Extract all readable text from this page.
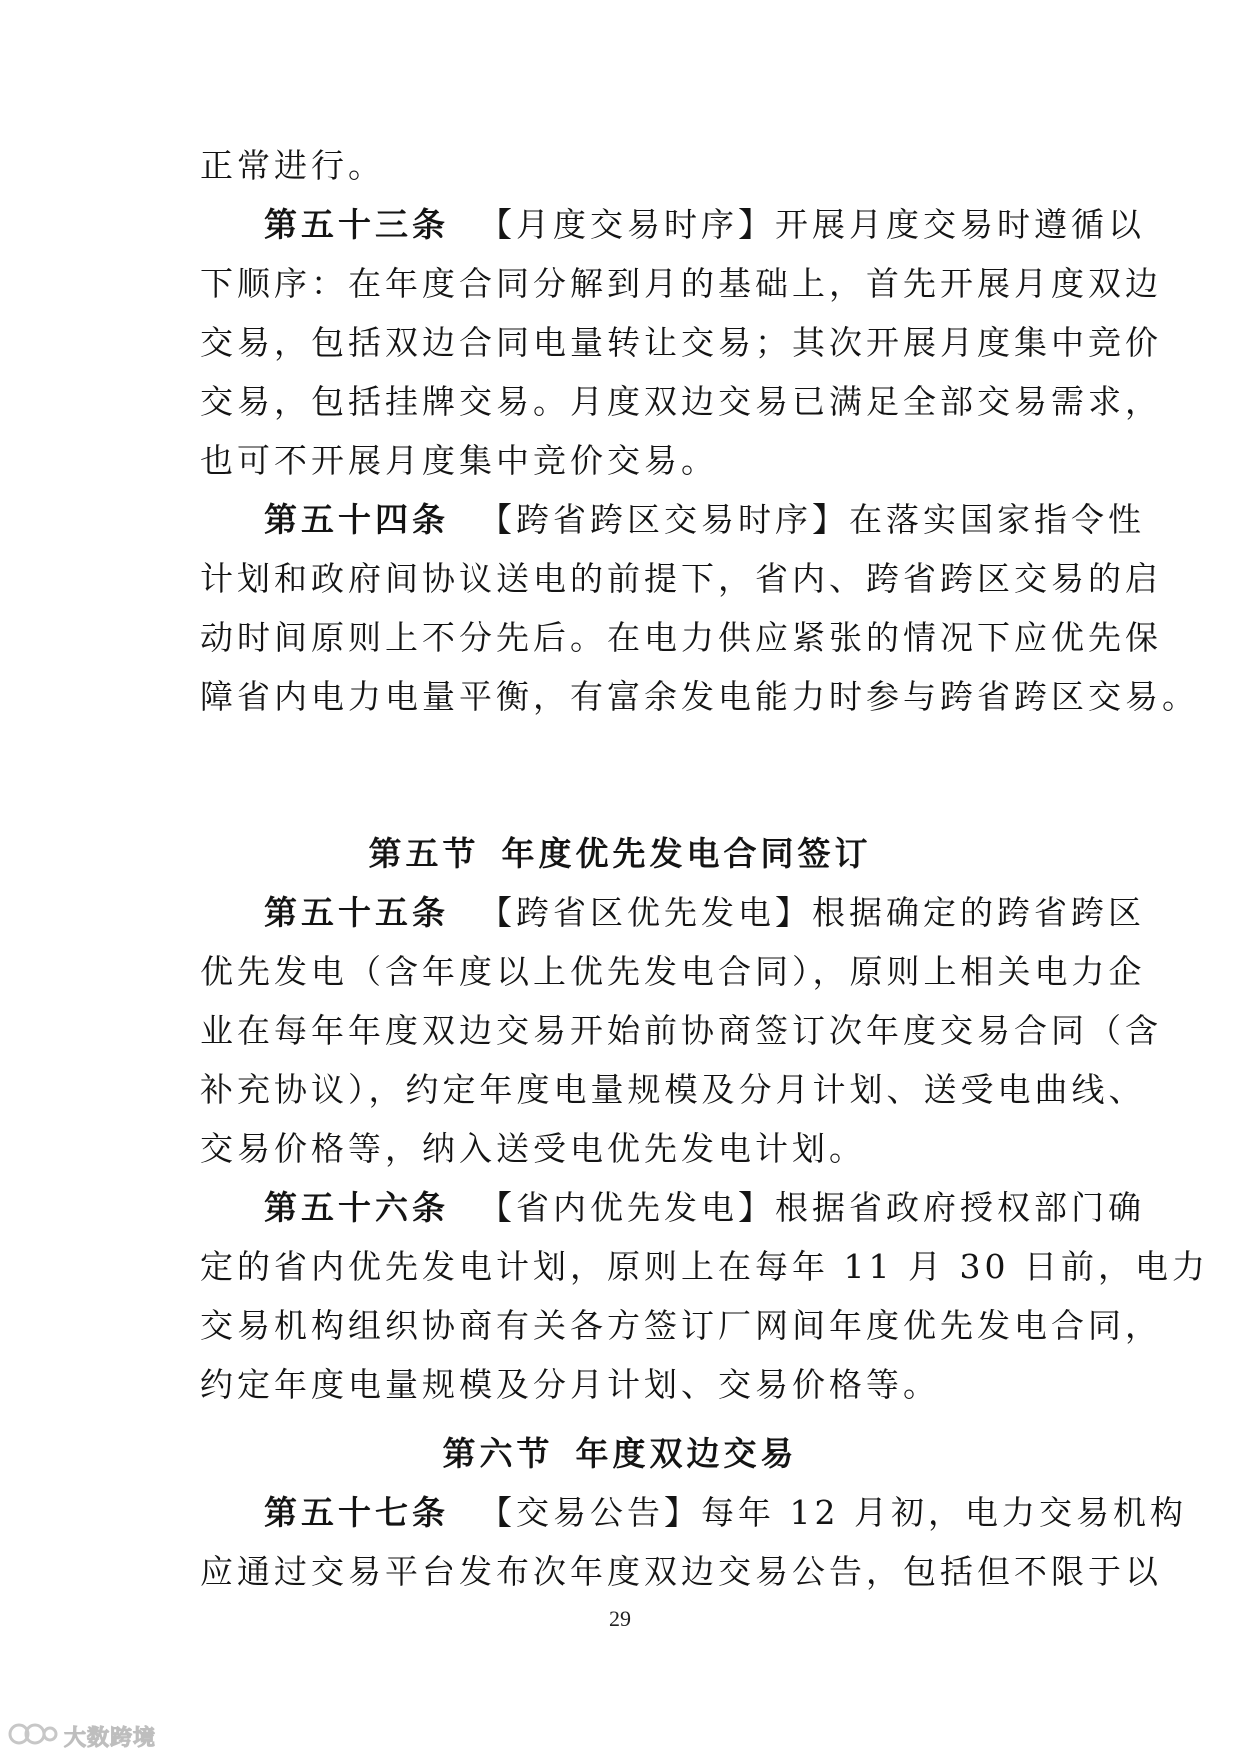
正常进行。
第五十三条 【月度交易时序】开展月度交易时遵循以
下顺序：在年度合同分解到月的基础上，首先开展月度双边
交易，包括双边合同电量转让交易；其次开展月度集中竞价
交易，包括挂牌交易。月度双边交易已满足全部交易需求，
也可不开展月度集中竞价交易。
第五十四条 【跨省跨区交易时序】在落实国家指令性
计划和政府间协议送电的前提下，省内、跨省跨区交易的启
动时间原则上不分先后。在电力供应紧张的情况下应优先保
障省内电力电量平衡，有富余发电能力时参与跨省跨区交易。
第五节 年度优先发电合同签订
第五十五条 【跨省区优先发电】根据确定的跨省跨区
优先发电（含年度以上优先发电合同），原则上相关电力企
业在每年年度双边交易开始前协商签订次年度交易合同（含
补充协议），约定年度电量规模及分月计划、送受电曲线、
交易价格等，纳入送受电优先发电计划。
第五十六条 【省内优先发电】根据省政府授权部门确
定的省内优先发电计划，原则上在每年 11 月 30 日前，电力
交易机构组织协商有关各方签订厂网间年度优先发电合同，
约定年度电量规模及分月计划、交易价格等。
第六节 年度双边交易
第五十七条 【交易公告】每年 12 月初，电力交易机构
应通过交易平台发布次年度双边交易公告，包括但不限于以
29
大数跨境
